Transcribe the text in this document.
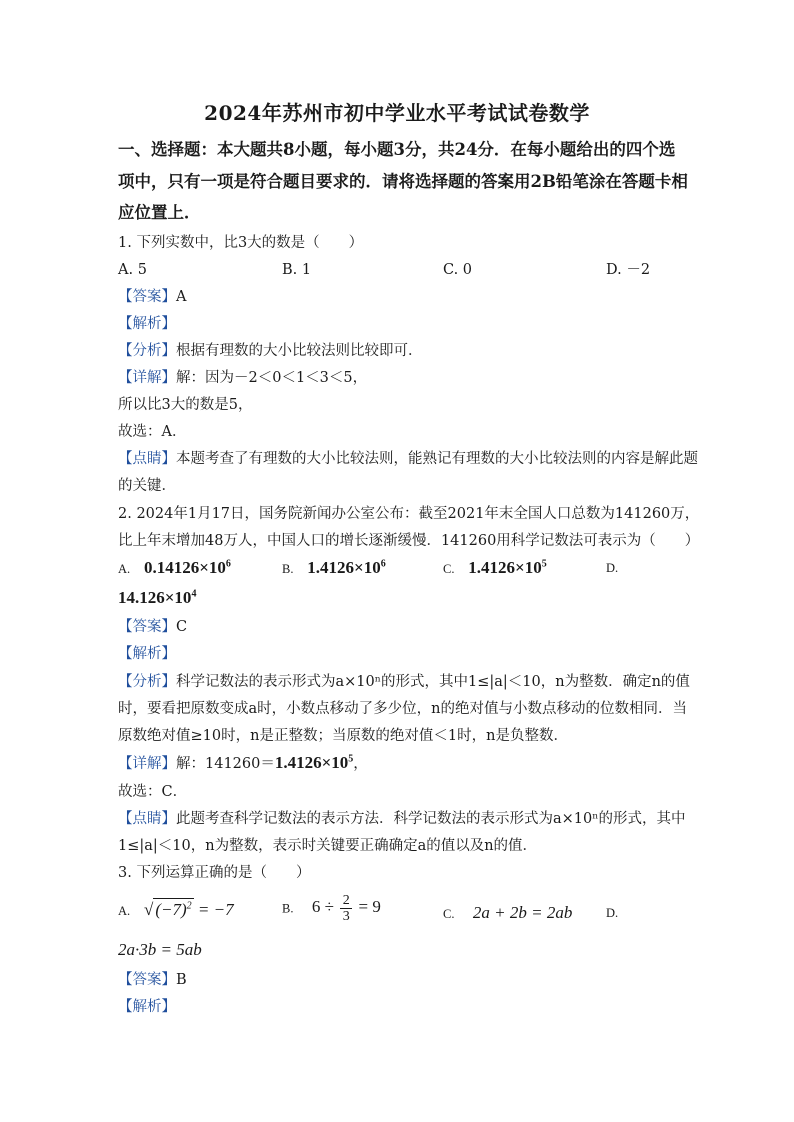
2024年苏州市初中学业水平考试试卷数学
一、选择题：本大题共8小题，每小题3分，共24分．在每小题给出的四个选
项中，只有一项是符合题目要求的．请将选择题的答案用2B铅笔涂在答题卡相
应位置上．
1. 下列实数中，比3大的数是（　　）
A. 5	B. 1	C. 0	D. －2
【答案】A
【解析】
【分析】根据有理数的大小比较法则比较即可．
【详解】解：因为－2＜0＜1＜3＜5，
所以比3大的数是5，
故选：A．
【点睛】本题考查了有理数的大小比较法则，能熟记有理数的大小比较法则的内容是解此题
的关键．
2. 2024年1月17日，国务院新闻办公室公布：截至2021年末全国人口总数为141260万，
比上年末增加48万人，中国人口的增长逐渐缓慢．141260用科学记数法可表示为（　　）
A. $0.14126\times 10^6$	B. $1.4126\times 10^6$	C. $1.4126\times 10^5$	D.
$14.126\times 10^4$
【答案】C
【解析】
【分析】科学记数法的表示形式为a×10ⁿ的形式，其中1≤|a|＜10，n为整数．确定n的值
时，要看把原数变成a时，小数点移动了多少位，n的绝对值与小数点移动的位数相同．当
原数绝对值≥10时，n是正整数；当原数的绝对值＜1时，n是负整数．
【详解】解：$141260=1.4126\times 10^5$，
故选：C．
【点睛】此题考查科学记数法的表示方法．科学记数法的表示形式为a×10ⁿ的形式，其中
1≤|a|＜10，n为整数，表示时关键要正确确定a的值以及n的值．
3. 下列运算正确的是（　　）
A. √ $(-7)^2 = -7$	B. $6 \div \frac{2}{3} = 9$	C. 2a + 2b = 2ab	D.
2a·3b = 5ab
【答案】B
【解析】
